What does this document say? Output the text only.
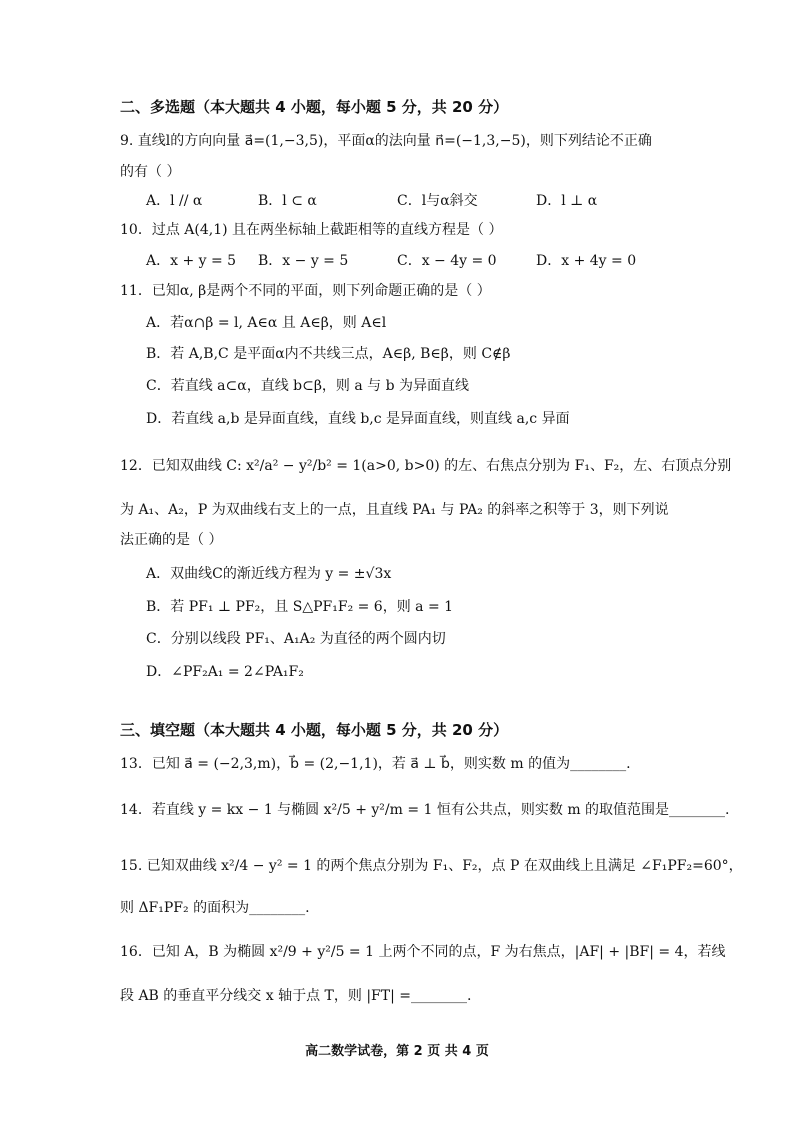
二、多选题（本大题共 4 小题，每小题 5 分，共 20 分）
9. 直线l的方向向量 a⃗=(1,−3,5)，平面α的法向量 n⃗=(−1,3,−5)，则下列结论不正确
的有（ ）
A．l // α	B．l ⊂ α	C．l与α斜交	D．l ⊥ α
10．过点 A(4,1) 且在两坐标轴上截距相等的直线方程是（ ）
A．x + y = 5 B．x − y = 5	C．x − 4y = 0	D．x + 4y = 0
11．已知α, β是两个不同的平面，则下列命题正确的是（ ）
A．若α∩β = l, A∈α 且 A∈β，则 A∈l
B．若 A,B,C 是平面α内不共线三点，A∈β, B∈β，则 C∉β
C．若直线 a⊂α，直线 b⊂β，则 a 与 b 为异面直线
D．若直线 a,b 是异面直线，直线 b,c 是异面直线，则直线 a,c 异面
12．已知双曲线 C: x²/a² − y²/b² = 1(a>0, b>0) 的左、右焦点分别为 F₁、F₂，左、右顶点分别
为 A₁、A₂，P 为双曲线右支上的一点，且直线 PA₁ 与 PA₂ 的斜率之积等于 3，则下列说
法正确的是（ ）
A．双曲线C的渐近线方程为 y = ±√3x
B．若 PF₁ ⊥ PF₂，且 S△PF₁F₂ = 6，则 a = 1
C．分别以线段 PF₁、A₁A₂ 为直径的两个圆内切
D．∠PF₂A₁ = 2∠PA₁F₂
三、填空题（本大题共 4 小题，每小题 5 分，共 20 分）
13．已知 a⃗ = (−2,3,m)，b⃗ = (2,−1,1)，若 a⃗ ⊥ b⃗，则实数 m 的值为________.
14．若直线 y = kx − 1 与椭圆 x²/5 + y²/m = 1 恒有公共点，则实数 m 的取值范围是________.
15. 已知双曲线 x²/4 − y² = 1 的两个焦点分别为 F₁、F₂，点 P 在双曲线上且满足 ∠F₁PF₂=60°，
则 ΔF₁PF₂ 的面积为________.
16．已知 A，B 为椭圆 x²/9 + y²/5 = 1 上两个不同的点，F 为右焦点，|AF| + |BF| = 4，若线
段 AB 的垂直平分线交 x 轴于点 T，则 |FT| =________.
高二数学试卷，第 2 页 共 4 页
